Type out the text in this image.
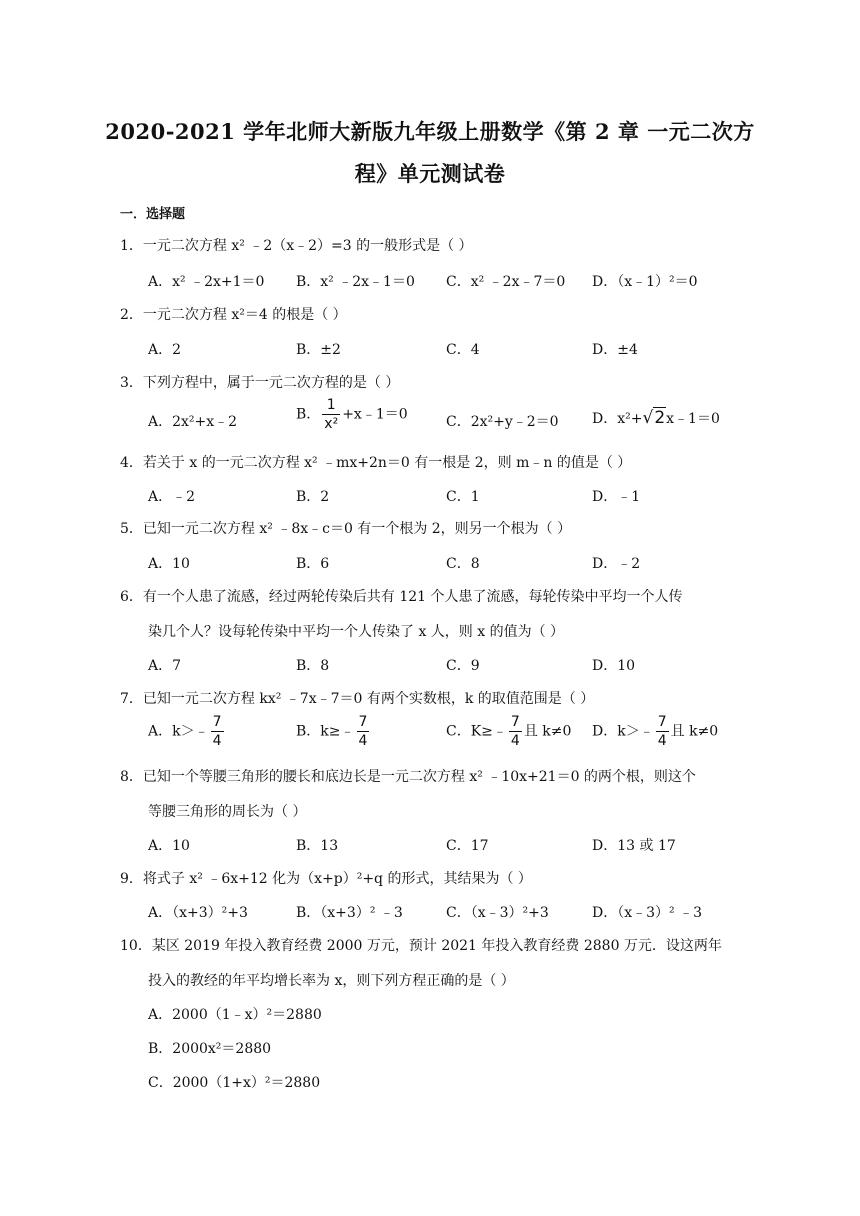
2020-2021 学年北师大新版九年级上册数学《第 2 章 一元二次方
程》单元测试卷
一．选择题
1．一元二次方程 x² ﹣2（x﹣2）=3 的一般形式是（ ）
A．x² ﹣2x+1＝0 B．x² ﹣2x﹣1＝0 C．x² ﹣2x﹣7＝0 D．（x﹣1）²＝0
2．一元二次方程 x²＝4 的根是（ ）
A．2	B．±2	C．4	D．±4
3．下列方程中，属于一元二次方程的是（ ）
A．2x²+x﹣2	B． $\frac{1}{\text{x²}}$ +x﹣1＝0	C．2x²+y﹣2＝0 D．x²+√2x﹣1＝0
4．若关于 x 的一元二次方程 x² ﹣mx+2n＝0 有一根是 2，则 m﹣n 的值是（ ）
A．﹣2	B．2	C．1	D．﹣1
5．已知一元二次方程 x² ﹣8x﹣c＝0 有一个根为 2，则另一个根为（ ）
A．10	B．6	C．8	D．﹣2
6．有一个人患了流感，经过两轮传染后共有 121 个人患了流感，每轮传染中平均一个人传
染几个人？设每轮传染中平均一个人传染了 x 人，则 x 的值为（ ）
A．7	B．8	C．9	D．10
7．已知一元二次方程 kx² ﹣7x﹣7＝0 有两个实数根，k 的取值范围是（ ）
A．k＞﹣ $\frac{7}{4}$	B．k≥﹣ $\frac{7}{4}$	C．K≥﹣ $\frac{7}{4}$ 且 k≠0 D．k＞﹣ $\frac{7}{4}$ 且 k≠0
8．已知一个等腰三角形的腰长和底边长是一元二次方程 x² ﹣10x+21＝0 的两个根，则这个
等腰三角形的周长为（ ）
A．10	B．13	C．17	D．13 或 17
9．将式子 x² ﹣6x+12 化为（x+p）²+q 的形式，其结果为（ ）
A．（x+3）²+3	B．（x+3）² ﹣3	C．（x﹣3）²+3	D．（x﹣3）² ﹣3
10．某区 2019 年投入教育经费 2000 万元，预计 2021 年投入教育经费 2880 万元．设这两年
投入的教经的年平均增长率为 x，则下列方程正确的是（ ）
A．2000（1﹣x）²＝2880
B．2000x²＝2880
C．2000（1+x）²＝2880
